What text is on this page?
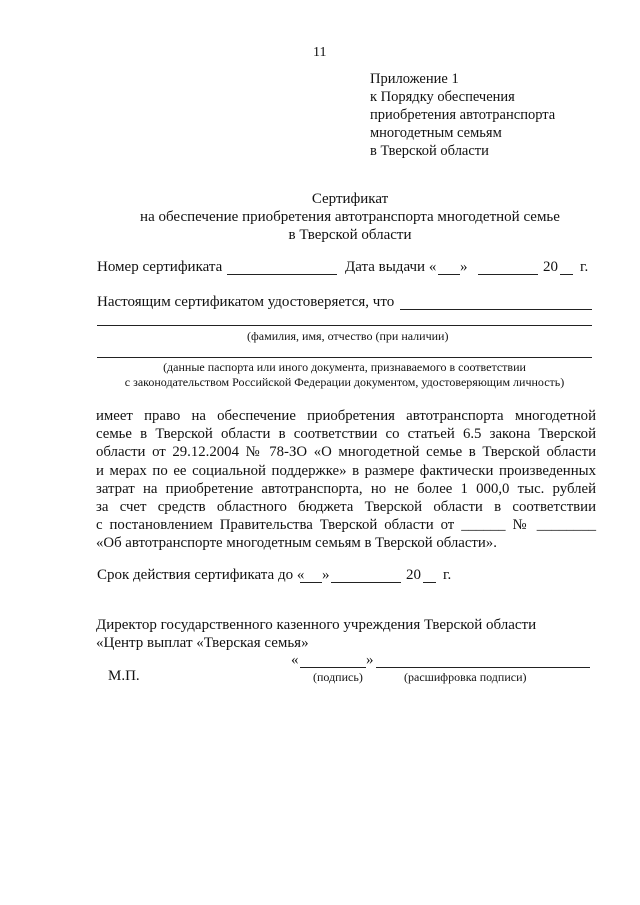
11
Приложение 1
к Порядку обеспечения
приобретения автотранспорта
многодетным семьям
в Тверской области
Сертификат
на обеспечение приобретения автотранспорта многодетной семье
в Тверской области
Номер сертификата	Дата выдачи « »	20 г.
Настоящим сертификатом удостоверяется, что
(фамилия, имя, отчество (при наличии)
(данные паспорта или иного документа, признаваемого в соответствии
с законодательством Российской Федерации документом, удостоверяющим личность)
имеет право на обеспечение приобретения автотранспорта многодетной
семье в Тверской области в соответствии со статьей 6.5 закона Тверской
области от 29.12.2004 № 78-ЗО «О многодетной семье в Тверской области
и мерах по ее социальной поддержке» в размере фактически произведенных
затрат на приобретение автотранспорта, но не более 1 000,0 тыс. рублей
за счет средств областного бюджета Тверской области в соответствии
с постановлением Правительства Тверской области от ______ № ________
«Об автотранспорте многодетным семьям в Тверской области».
Срок действия сертификата до « »	20 г.
Директор государственного казенного учреждения Тверской области
«Центр выплат «Тверская семья»
«	»
М.П.	(подпись)	(расшифровка подписи)
